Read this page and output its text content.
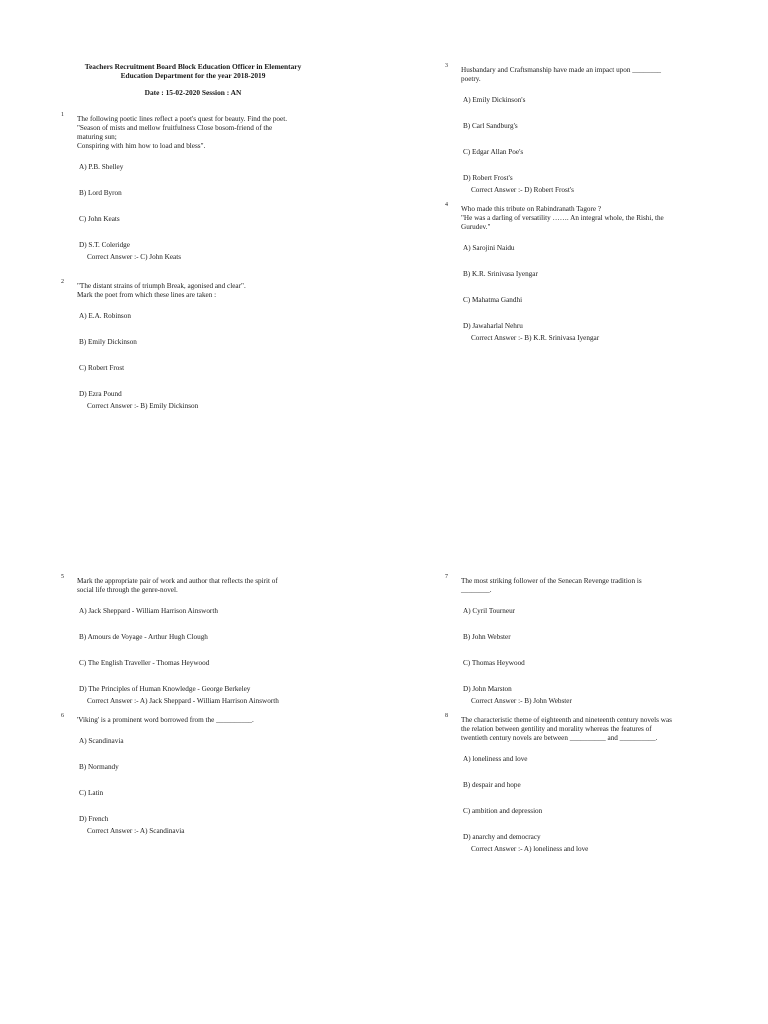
Teachers Recruitment Board Block Education Officer in Elementary
Education Department for the year 2018-2019
Date : 15-02-2020 Session : AN
1 The following poetic lines reflect a poet's quest for beauty. Find the poet.
"Season of mists and mellow fruitfulness Close bosom-friend of the
maturing sun;
Conspiring with him how to load and bless".
A) P.B. Shelley
B) Lord Byron
C) John Keats
D) S.T. Coleridge
Correct Answer :- C) John Keats
2 "The distant strains of triumph Break, agonised and clear".
Mark the poet from which these lines are taken :
A) E.A. Robinson
B) Emily Dickinson
C) Robert Frost
D) Ezra Pound
Correct Answer :- B) Emily Dickinson
3 Husbandary and Craftsmanship have made an impact upon ________
poetry.
A) Emily Dickinson's
B) Carl Sandburg's
C) Edgar Allan Poe's
D) Robert Frost's
Correct Answer :- D) Robert Frost's
4 Who made this tribute on Rabindranath Tagore ?
"He was a darling of versatility ……. An integral whole, the Rishi, the
Gurudev."
A) Sarojini Naidu
B) K.R. Srinivasa Iyengar
C) Mahatma Gandhi
D) Jawaharlal Nehru
Correct Answer :- B) K.R. Srinivasa Iyengar
5 Mark the appropriate pair of work and author that reflects the spirit of
social life through the genre-novel.
A) Jack Sheppard - William Harrison Ainsworth
B) Amours de Voyage - Arthur Hugh Clough
C) The English Traveller - Thomas Heywood
D) The Principles of Human Knowledge - George Berkeley
Correct Answer :- A) Jack Sheppard - William Harrison Ainsworth
6 'Viking' is a prominent word borrowed from the __________.
A) Scandinavia
B) Normandy
C) Latin
D) French
Correct Answer :- A) Scandinavia
7 The most striking follower of the Senecan Revenge tradition is
________.
A) Cyril Tourneur
B) John Webster
C) Thomas Heywood
D) John Marston
Correct Answer :- B) John Webster
8 The characteristic theme of eighteenth and nineteenth century novels was
the relation between gentility and morality whereas the features of
twentieth century novels are between __________ and __________.
A) loneliness and love
B) despair and hope
C) ambition and depression
D) anarchy and democracy
Correct Answer :- A) loneliness and love
